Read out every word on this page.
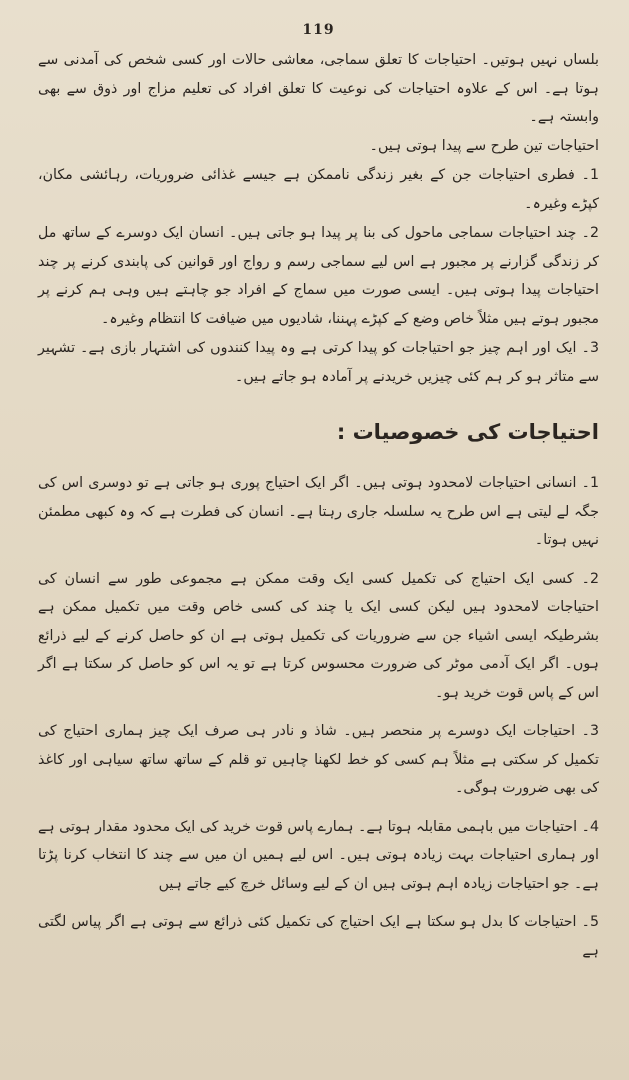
119

بلساں نہیں ہوتیں۔ احتیاجات کا تعلق سماجی، معاشی حالات اور کسی شخص کی آمدنی سے ہوتا ہے۔ اس کے علاوہ احتیاجات کی نوعیت کا تعلق افراد کی تعلیم مزاج اور ذوق سے بھی وابستہ ہے۔

احتیاجات تین طرح سے پیدا ہوتی ہیں۔

1۔ فطری احتیاجات جن کے بغیر زندگی ناممکن ہے جیسے غذائی ضروریات، رہائشی مکان، کپڑے وغیرہ۔

2۔ چند احتیاجات سماجی ماحول کی بنا پر پیدا ہو جاتی ہیں۔ انسان ایک دوسرے کے ساتھ مل کر زندگی گزارنے پر مجبور ہے اس لیے سماجی رسم و رواج اور قوانین کی پابندی کرنے پر چند احتیاجات پیدا ہوتی ہیں۔ ایسی صورت میں سماج کے افراد جو چاہتے ہیں وہی ہم کرنے پر مجبور ہوتے ہیں مثلاً خاص وضع کے کپڑے پہننا، شادیوں میں ضیافت کا انتظام وغیرہ۔

3۔ ایک اور اہم چیز جو احتیاجات کو پیدا کرتی ہے وہ پیدا کنندوں کی اشتہار بازی ہے۔ تشہیر سے متاثر ہو کر ہم کئی چیزیں خریدنے پر آمادہ ہو جاتے ہیں۔

احتیاجات کی خصوصیات :

1۔ انسانی احتیاجات لامحدود ہوتی ہیں۔ اگر ایک احتیاج پوری ہو جاتی ہے تو دوسری اس کی جگہ لے لیتی ہے اس طرح یہ سلسلہ جاری رہتا ہے۔ انسان کی فطرت ہے کہ وہ کبھی مطمئن نہیں ہوتا۔

2۔ کسی ایک احتیاج کی تکمیل کسی ایک وقت ممکن ہے مجموعی طور سے انسان کی احتیاجات لامحدود ہیں لیکن کسی ایک یا چند کی کسی خاص وقت میں تکمیل ممکن ہے بشرطیکہ ایسی اشیاء جن سے ضروریات کی تکمیل ہوتی ہے ان کو حاصل کرنے کے لیے ذرائع ہوں۔ اگر ایک آدمی موٹر کی ضرورت محسوس کرتا ہے تو یہ اس کو حاصل کر سکتا ہے اگر اس کے پاس قوت خرید ہو۔

3۔ احتیاجات ایک دوسرے پر منحصر ہیں۔ شاذ و نادر ہی صرف ایک چیز ہماری احتیاج کی تکمیل کر سکتی ہے مثلاً ہم کسی کو خط لکھنا چاہیں تو قلم کے ساتھ ساتھ سیاہی اور کاغذ کی بھی ضرورت ہوگی۔

4۔ احتیاجات میں باہمی مقابلہ ہوتا ہے۔ ہمارے پاس قوت خرید کی ایک محدود مقدار ہوتی ہے اور ہماری احتیاجات بہت زیادہ ہوتی ہیں۔ اس لیے ہمیں ان میں سے چند کا انتخاب کرنا پڑتا ہے۔ جو احتیاجات زیادہ اہم ہوتی ہیں ان کے لیے وسائل خرچ کیے جاتے ہیں

5۔ احتیاجات کا بدل ہو سکتا ہے ایک احتیاج کی تکمیل کئی ذرائع سے ہوتی ہے اگر پیاس لگتی ہے
